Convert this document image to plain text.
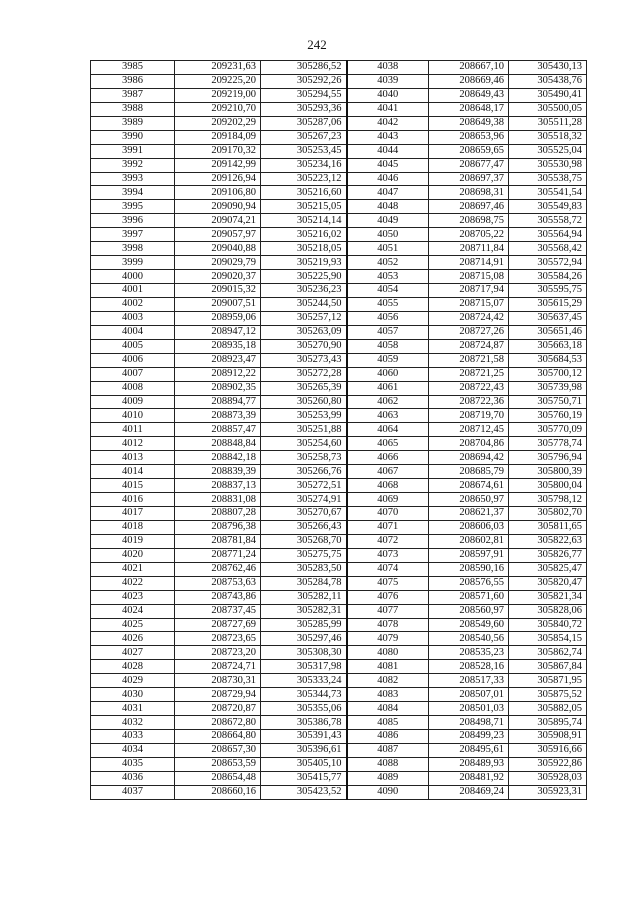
242
3985	209231,63	305286,52	4038	208667,10	305430,13
3986	209225,20	305292,26	4039	208669,46	305438,76
3987	209219,00	305294,55	4040	208649,43	305490,41
3988	209210,70	305293,36	4041	208648,17	305500,05
3989	209202,29	305287,06	4042	208649,38	305511,28
3990	209184,09	305267,23	4043	208653,96	305518,32
3991	209170,32	305253,45	4044	208659,65	305525,04
3992	209142,99	305234,16	4045	208677,47	305530,98
3993	209126,94	305223,12	4046	208697,37	305538,75
3994	209106,80	305216,60	4047	208698,31	305541,54
3995	209090,94	305215,05	4048	208697,46	305549,83
3996	209074,21	305214,14	4049	208698,75	305558,72
3997	209057,97	305216,02	4050	208705,22	305564,94
3998	209040,88	305218,05	4051	208711,84	305568,42
3999	209029,79	305219,93	4052	208714,91	305572,94
4000	209020,37	305225,90	4053	208715,08	305584,26
4001	209015,32	305236,23	4054	208717,94	305595,75
4002	209007,51	305244,50	4055	208715,07	305615,29
4003	208959,06	305257,12	4056	208724,42	305637,45
4004	208947,12	305263,09	4057	208727,26	305651,46
4005	208935,18	305270,90	4058	208724,87	305663,18
4006	208923,47	305273,43	4059	208721,58	305684,53
4007	208912,22	305272,28	4060	208721,25	305700,12
4008	208902,35	305265,39	4061	208722,43	305739,98
4009	208894,77	305260,80	4062	208722,36	305750,71
4010	208873,39	305253,99	4063	208719,70	305760,19
4011	208857,47	305251,88	4064	208712,45	305770,09
4012	208848,84	305254,60	4065	208704,86	305778,74
4013	208842,18	305258,73	4066	208694,42	305796,94
4014	208839,39	305266,76	4067	208685,79	305800,39
4015	208837,13	305272,51	4068	208674,61	305800,04
4016	208831,08	305274,91	4069	208650,97	305798,12
4017	208807,28	305270,67	4070	208621,37	305802,70
4018	208796,38	305266,43	4071	208606,03	305811,65
4019	208781,84	305268,70	4072	208602,81	305822,63
4020	208771,24	305275,75	4073	208597,91	305826,77
4021	208762,46	305283,50	4074	208590,16	305825,47
4022	208753,63	305284,78	4075	208576,55	305820,47
4023	208743,86	305282,11	4076	208571,60	305821,34
4024	208737,45	305282,31	4077	208560,97	305828,06
4025	208727,69	305285,99	4078	208549,60	305840,72
4026	208723,65	305297,46	4079	208540,56	305854,15
4027	208723,20	305308,30	4080	208535,23	305862,74
4028	208724,71	305317,98	4081	208528,16	305867,84
4029	208730,31	305333,24	4082	208517,33	305871,95
4030	208729,94	305344,73	4083	208507,01	305875,52
4031	208720,87	305355,06	4084	208501,03	305882,05
4032	208672,80	305386,78	4085	208498,71	305895,74
4033	208664,80	305391,43	4086	208499,23	305908,91
4034	208657,30	305396,61	4087	208495,61	305916,66
4035	208653,59	305405,10	4088	208489,93	305922,86
4036	208654,48	305415,77	4089	208481,92	305928,03
4037	208660,16	305423,52	4090	208469,24	305923,31
